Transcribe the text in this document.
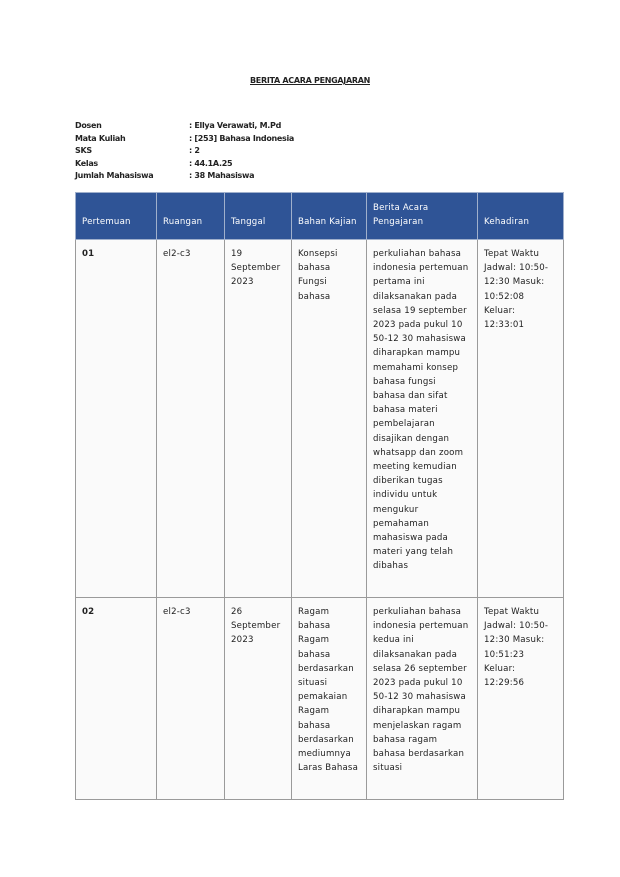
BERITA ACARA PENGAJARAN
Dosen	: Ellya Verawati, M.Pd
Mata Kuliah	: [253] Bahasa Indonesia
SKS	: 2
Kelas	: 44.1A.25
Jumlah Mahasiswa	: 38 Mahasiswa
Pertemuan	Ruangan	Tanggal	Bahan Kajian	Berita Acara Pengajaran	Kehadiran
01	el2-c3	19 September 2023	Konsepsi bahasa Fungsi bahasa	perkuliahan bahasa indonesia pertemuan pertama ini dilaksanakan pada selasa 19 september 2023 pada pukul 10 50-12 30 mahasiswa diharapkan mampu memahami konsep bahasa fungsi bahasa dan sifat bahasa materi pembelajaran disajikan dengan whatsapp dan zoom meeting kemudian diberikan tugas individu untuk mengukur pemahaman mahasiswa pada materi yang telah dibahas	Tepat Waktu Jadwal: 10:50-12:30 Masuk: 10:52:08 Keluar: 12:33:01
02	el2-c3	26 September 2023	Ragam bahasa Ragam bahasa berdasarkan situasi pemakaian Ragam bahasa berdasarkan mediumnya Laras Bahasa	perkuliahan bahasa indonesia pertemuan kedua ini dilaksanakan pada selasa 26 september 2023 pada pukul 10 50-12 30 mahasiswa diharapkan mampu menjelaskan ragam bahasa ragam bahasa berdasarkan situasi	Tepat Waktu Jadwal: 10:50-12:30 Masuk: 10:51:23 Keluar: 12:29:56
